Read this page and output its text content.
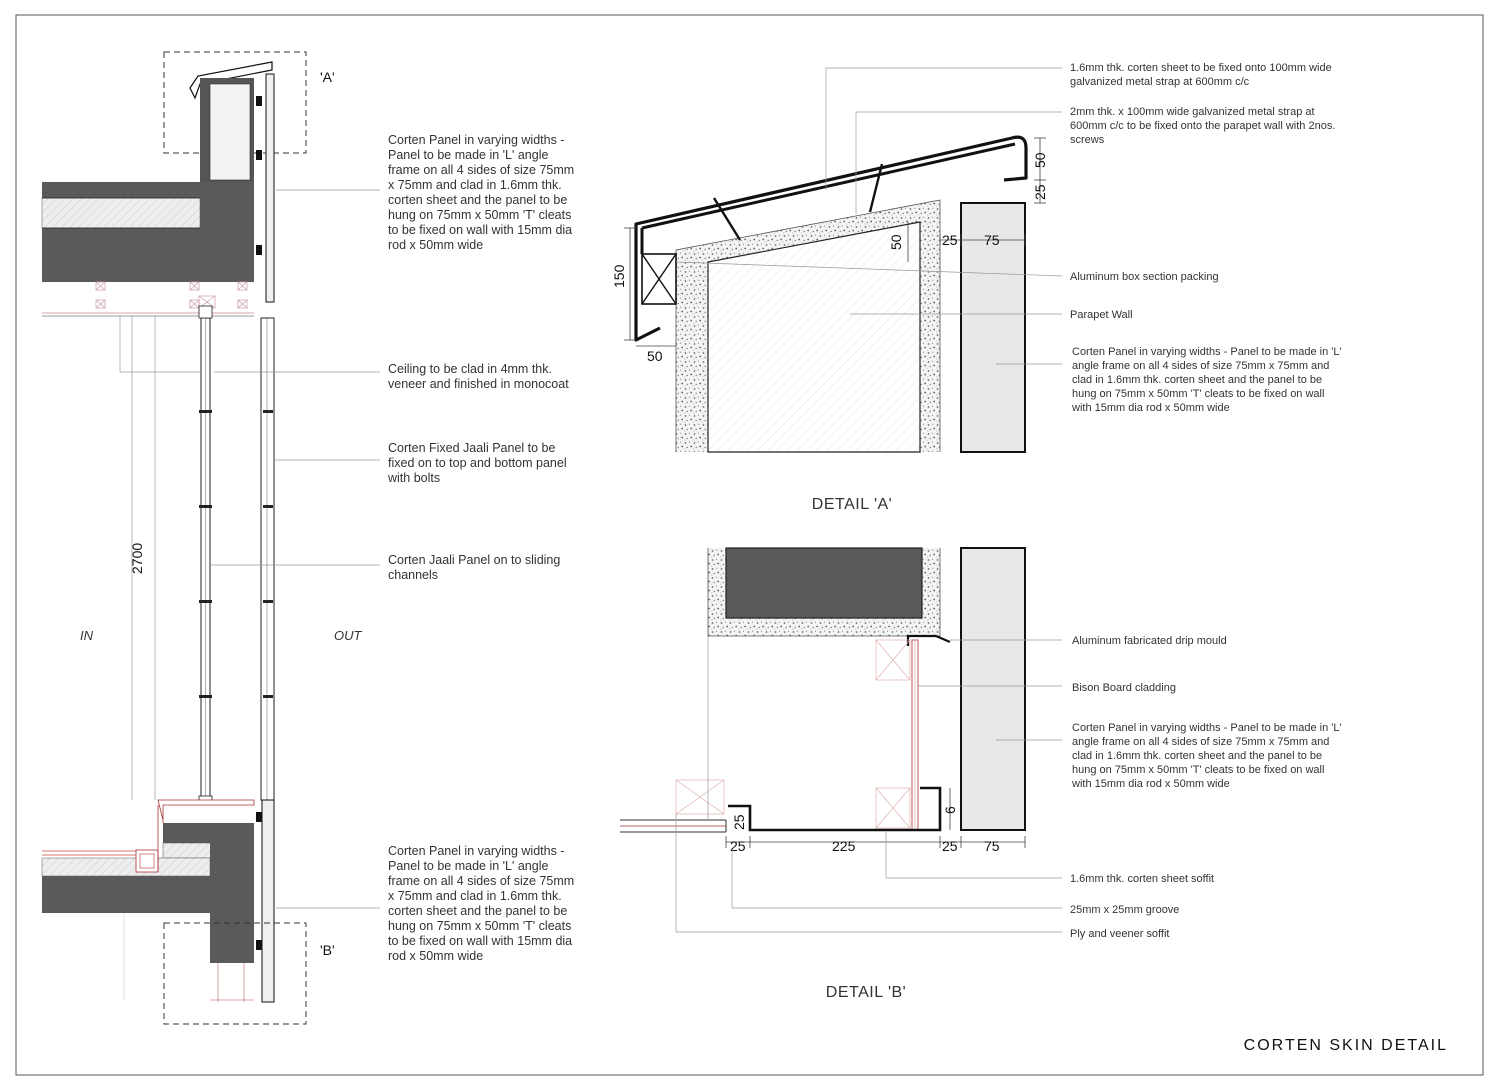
'A'
2700
IN	OUT
'B'
Corten Panel in varying widths - Panel to be made in 'L' angle frame on all 4 sides of size 75mm x 75mm and clad in 1.6mm thk. corten sheet and the panel to be hung on 75mm x 50mm 'T' cleats to be fixed on wall with 15mm dia rod x 50mm wide
Ceiling to be clad in 4mm thk. veneer and finished in monocoat
Corten Fixed Jaali Panel to be fixed on to top and bottom panel with bolts
Corten Jaali Panel on to sliding channels
Corten Panel in varying widths - Panel to be made in 'L' angle frame on all 4 sides of size 75mm x 75mm and clad in 1.6mm thk. corten sheet and the panel to be hung on 75mm x 50mm 'T' cleats to be fixed on wall with 15mm dia rod x 50mm wide
150
50
50
25
50	25 75
1.6mm thk. corten sheet to be fixed onto 100mm wide galvanized metal strap at 600mm c/c
2mm thk. x 100mm wide galvanized metal strap at 600mm c/c to be fixed onto the parapet wall with 2nos. screws
Aluminum box section packing
Parapet Wall
Corten Panel in varying widths - Panel to be made in 'L' angle frame on all 4 sides of size 75mm x 75mm and clad in 1.6mm thk. corten sheet and the panel to be hung on 75mm x 50mm 'T' cleats to be fixed on wall with 15mm dia rod x 50mm wide
DETAIL 'A'
25
25	225	25 75
6
Aluminum fabricated drip mould
Bison Board cladding
Corten Panel in varying widths - Panel to be made in 'L' angle frame on all 4 sides of size 75mm x 75mm and clad in 1.6mm thk. corten sheet and the panel to be hung on 75mm x 50mm 'T' cleats to be fixed on wall with 15mm dia rod x 50mm wide
1.6mm thk. corten sheet soffit
25mm x 25mm groove
Ply and veener soffit
DETAIL 'B'
CORTEN SKIN DETAIL
